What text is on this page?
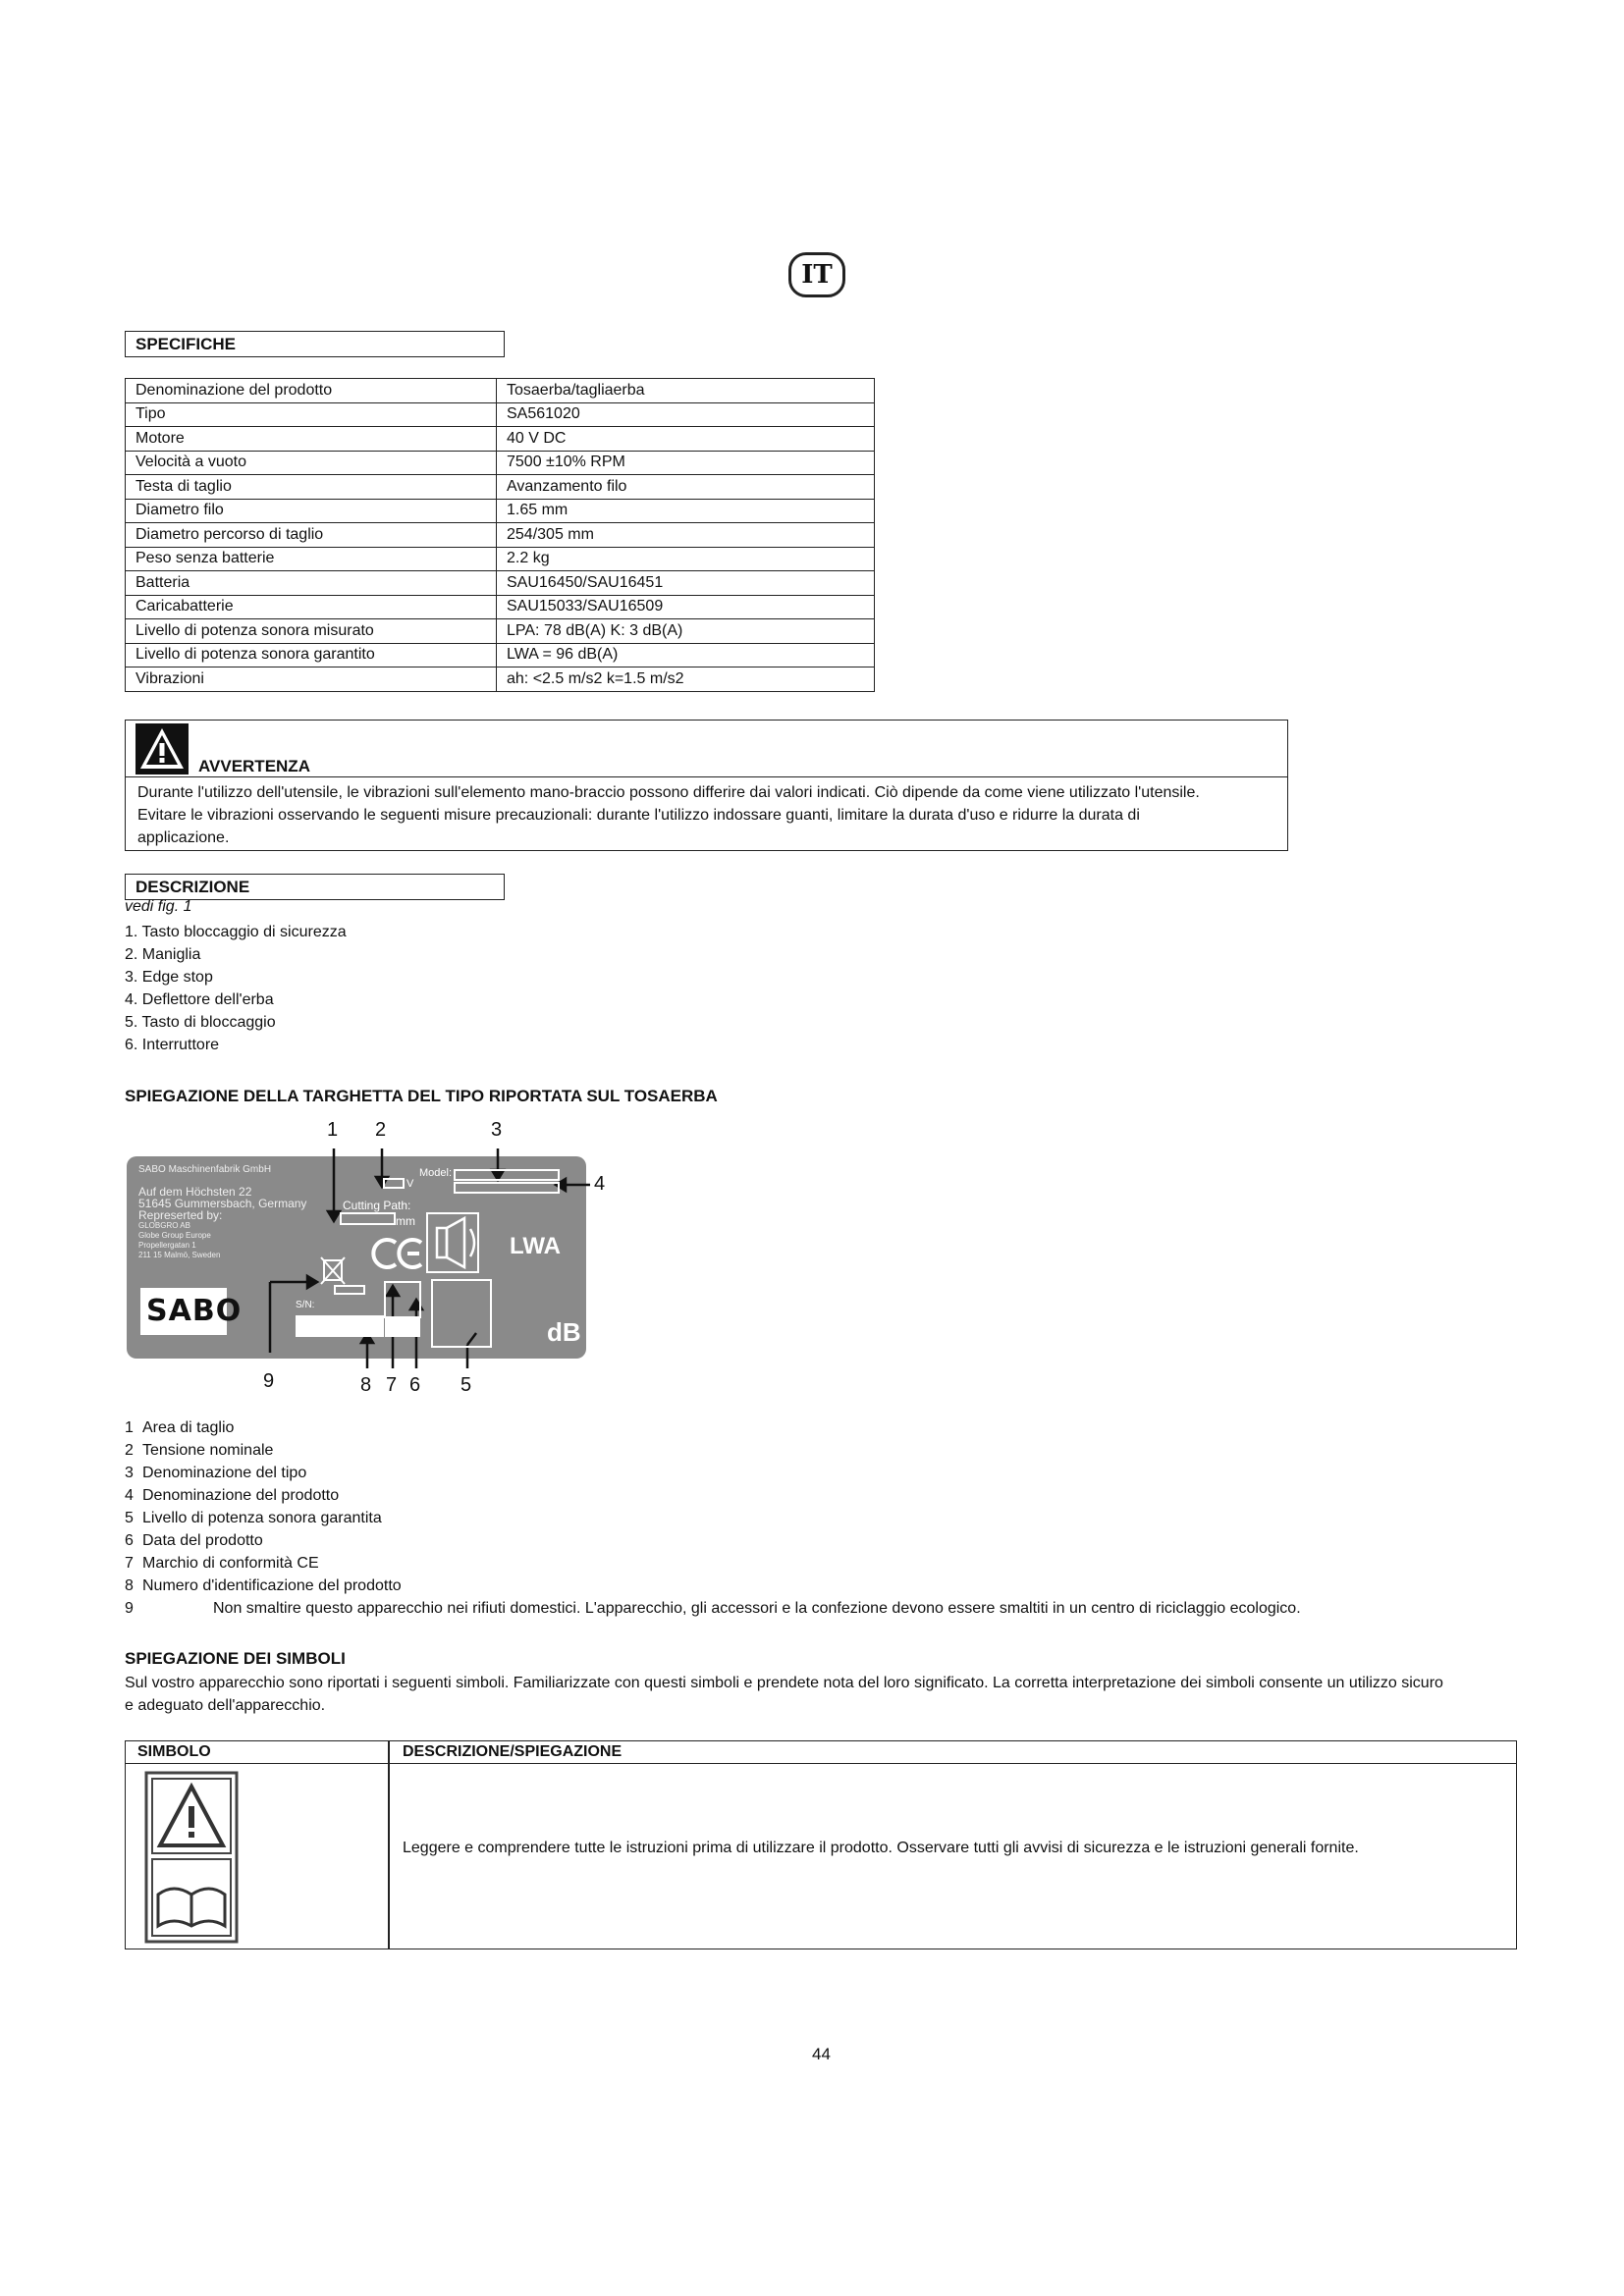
IT
SPECIFICHE
Denominazione del prodotto	Tosaerba/tagliaerba
Tipo	SA561020
Motore	40 V DC
Velocità a vuoto	7500 ±10% RPM
Testa di taglio	Avanzamento filo
Diametro filo	1.65 mm
Diametro percorso di taglio	254/305 mm
Peso senza batterie	2.2 kg
Batteria	SAU16450/SAU16451
Caricabatterie	SAU15033/SAU16509
Livello di potenza sonora misurato	LPA: 78 dB(A) K: 3 dB(A)
Livello di potenza sonora garantito	LWA = 96 dB(A)
Vibrazioni	ah: <2.5 m/s2 k=1.5 m/s2
AVVERTENZA
Durante l'utilizzo dell'utensile, le vibrazioni sull'elemento mano-braccio possono differire dai valori indicati. Ciò dipende da come viene utilizzato l'utensile.
Evitare le vibrazioni osservando le seguenti misure precauzionali: durante l'utilizzo indossare guanti, limitare la durata d'uso e ridurre la durata di
applicazione.
DESCRIZIONE
vedi fig. 1
1. Tasto bloccaggio di sicurezza
2. Maniglia
3. Edge stop
4. Deflettore dell'erba
5. Tasto di bloccaggio
6. Interruttore
SPIEGAZIONE DELLA TARGHETTA DEL TIPO RIPORTATA SUL TOSAERBA
SABO Maschinenfabrik GmbH
Auf dem Höchsten 22
51645 Gummersbach, Germany
Represerted by:
GLOBGRO AB
Globe Group Europe
Propellergatan 1
211 15 Malmö, Sweden
SABO
Model:
V
Cutting Path:
mm
S/N:
LWA
dB
1 2	3
4
9	8 7 6 5
1 Area di taglio
2 Tensione nominale
3 Denominazione del tipo
4 Denominazione del prodotto
5 Livello di potenza sonora garantita
6 Data del prodotto
7 Marchio di conformità CE
8 Numero d'identificazione del prodotto
9	Non smaltire questo apparecchio nei rifiuti domestici. L'apparecchio, gli accessori e la confezione devono essere smaltiti in un centro di riciclaggio ecologico.
SPIEGAZIONE DEI SIMBOLI
Sul vostro apparecchio sono riportati i seguenti simboli. Familiarizzate con questi simboli e prendete nota del loro significato. La corretta interpretazione dei simboli consente un utilizzo sicuro
e adeguato dell'apparecchio.
SIMBOLO	DESCRIZIONE/SPIEGAZIONE
Leggere e comprendere tutte le istruzioni prima di utilizzare il prodotto. Osservare tutti gli avvisi di sicurezza e le istruzioni generali fornite.
44
